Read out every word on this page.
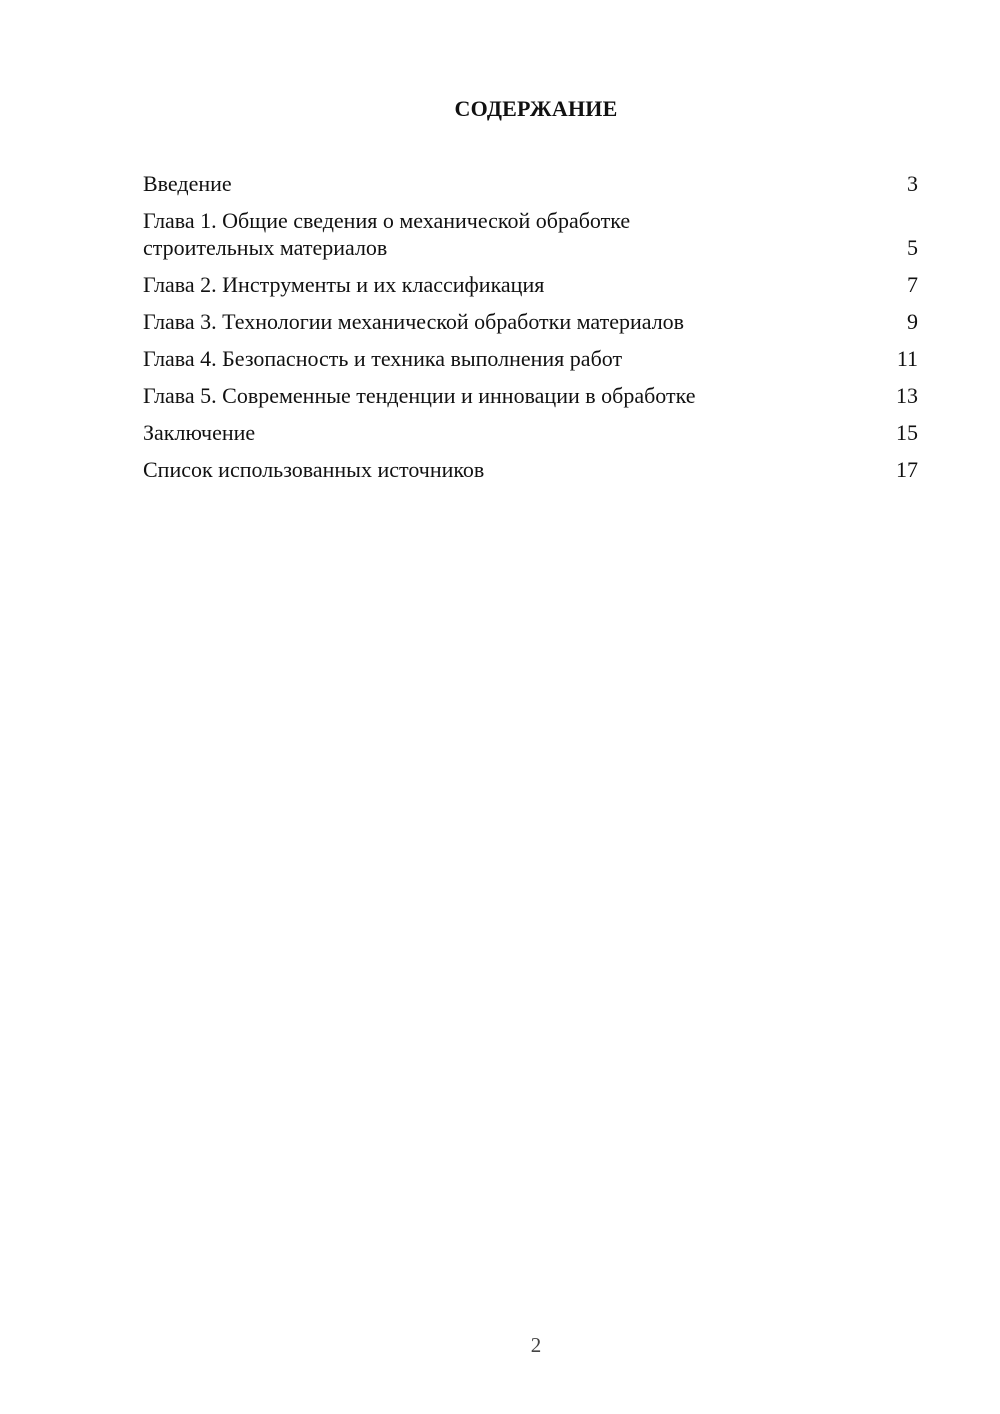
СОДЕРЖАНИЕ
Введение	3
Глава 1. Общие сведения о механической обработке
строительных материалов	5
Глава 2. Инструменты и их классификация	7
Глава 3. Технологии механической обработки материалов	9
Глава 4. Безопасность и техника выполнения работ	11
Глава 5. Современные тенденции и инновации в обработке	13
Заключение	15
Список использованных источников	17
2
